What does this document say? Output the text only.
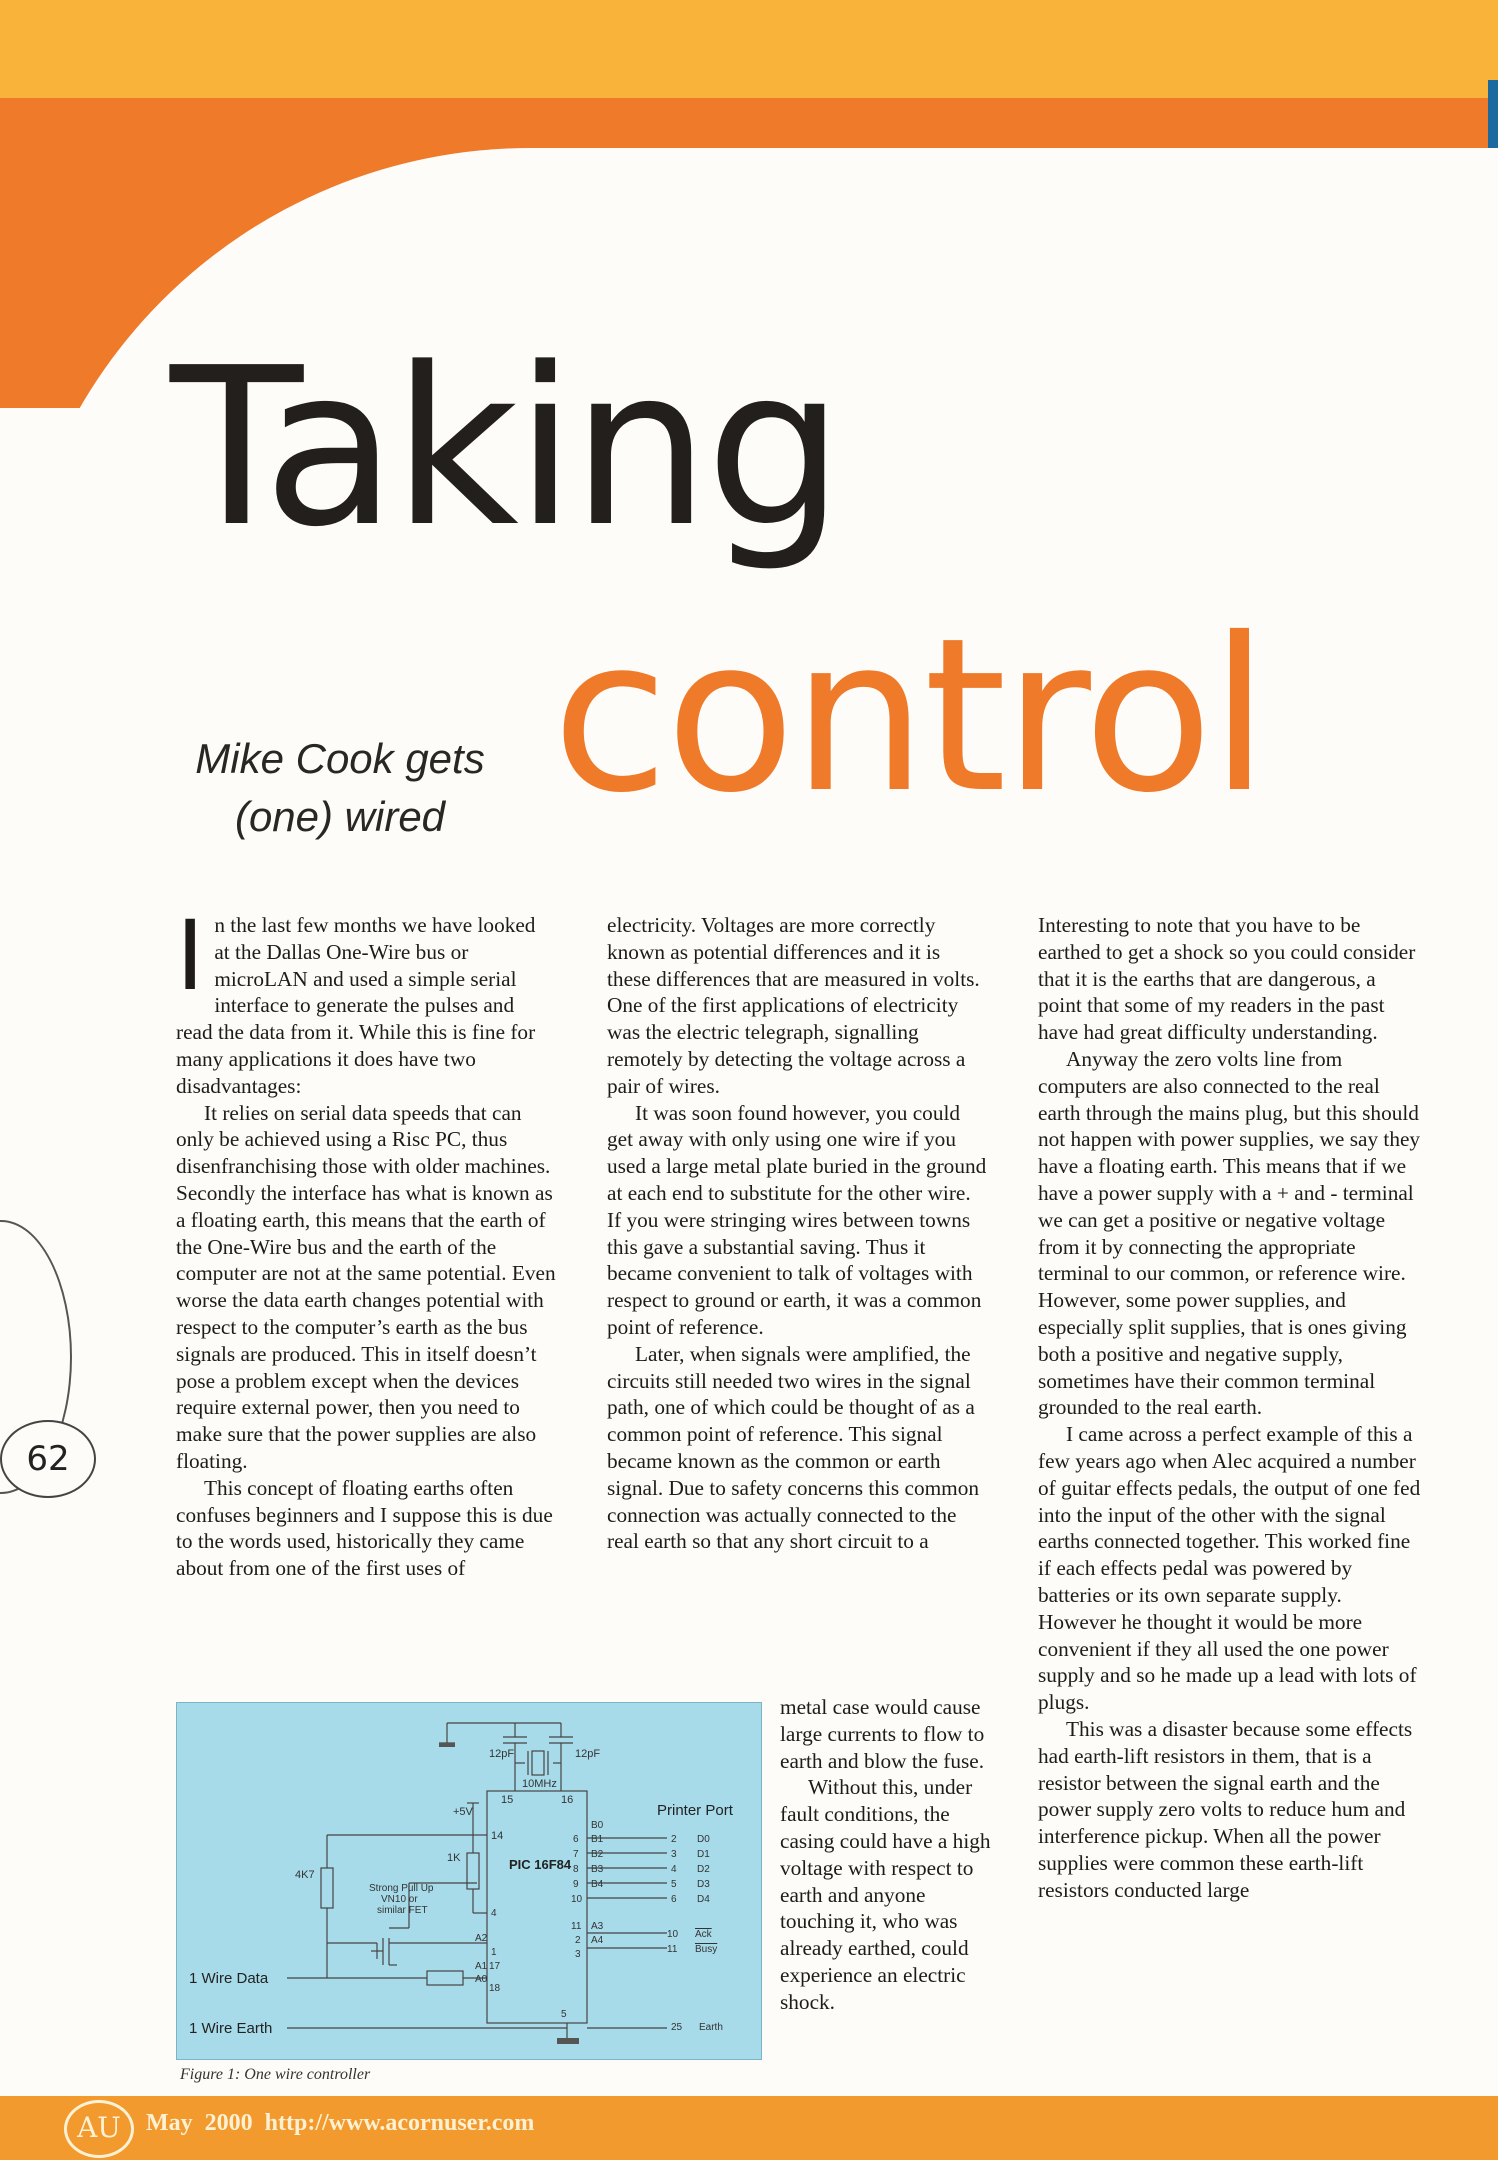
Taking
control
Mike Cook gets
(one) wired

In the last few months we have looked at the Dallas One-Wire bus or microLAN and used a simple serial interface to generate the pulses and read the data from it. While this is fine for many applications it does have two disadvantages:

It relies on serial data speeds that can only be achieved using a Risc PC, thus disenfranchising those with older machines. Secondly the interface has what is known as a floating earth, this means that the earth of the One-Wire bus and the earth of the computer are not at the same potential. Even worse the data earth changes potential with respect to the computer’s earth as the bus signals are produced. This in itself doesn’t pose a problem except when the devices require external power, then you need to make sure that the power supplies are also floating.

This concept of floating earths often confuses beginners and I suppose this is due to the words used, historically they came about from one of the first uses of

electricity. Voltages are more correctly known as potential differences and it is these differences that are measured in volts. One of the first applications of electricity was the electric telegraph, signalling remotely by detecting the voltage across a pair of wires.

It was soon found however, you could get away with only using one wire if you used a large metal plate buried in the ground at each end to substitute for the other wire. If you were stringing wires between towns this gave a substantial saving. Thus it became convenient to talk of voltages with respect to ground or earth, it was a common point of reference.

Later, when signals were amplified, the circuits still needed two wires in the signal path, one of which could be thought of as a common point of reference. This signal became known as the common or earth signal. Due to safety concerns this common connection was actually connected to the real earth so that any short circuit to a

metal case would cause large currents to flow to earth and blow the fuse.

Without this, under fault conditions, the casing could have a high voltage with respect to earth and anyone touching it, who was already earthed, could experience an electric shock.

Interesting to note that you have to be earthed to get a shock so you could consider that it is the earths that are dangerous, a point that some of my readers in the past have had great difficulty understanding.

Anyway the zero volts line from computers are also connected to the real earth through the mains plug, but this should not happen with power supplies, we say they have a floating earth. This means that if we have a power supply with a + and - terminal we can get a positive or negative voltage from it by connecting the appropriate terminal to our common, or reference wire. However, some power supplies, and especially split supplies, that is ones giving both a positive and negative supply, sometimes have their common terminal grounded to the real earth.

I came across a perfect example of this a few years ago when Alec acquired a number of guitar effects pedals, the output of one fed into the input of the other with the signal earths connected together. This worked fine if each effects pedal was powered by batteries or its own separate supply. However he thought it would be more convenient if they all used the one power supply and so he made up a lead with lots of plugs.

This was a disaster because some effects had earth-lift resistors in them, that is a resistor between the signal earth and the power supply zero volts to reduce hum and interference pickup. When all the power supplies were common these earth-lift resistors conducted large

12pF	12pF
10MHz
15	16
+5V
14
1K
4K7
PIC 16F84
Strong Pull Up
VN10 or
similar FET
Printer Port
B0
6 B1	2 D0
7 B2	3 D1
8 B3	4 D2
9 B4	5 D3
10	6 D4
11 A3
10 Ack
2 A4
11 Busy
3
4
A2
1
A1 17
A0
18
5
25 Earth
1 Wire Data
1 Wire Earth
Figure 1: One wire controller
62
AU	May 2000 http://www.acornuser.com
